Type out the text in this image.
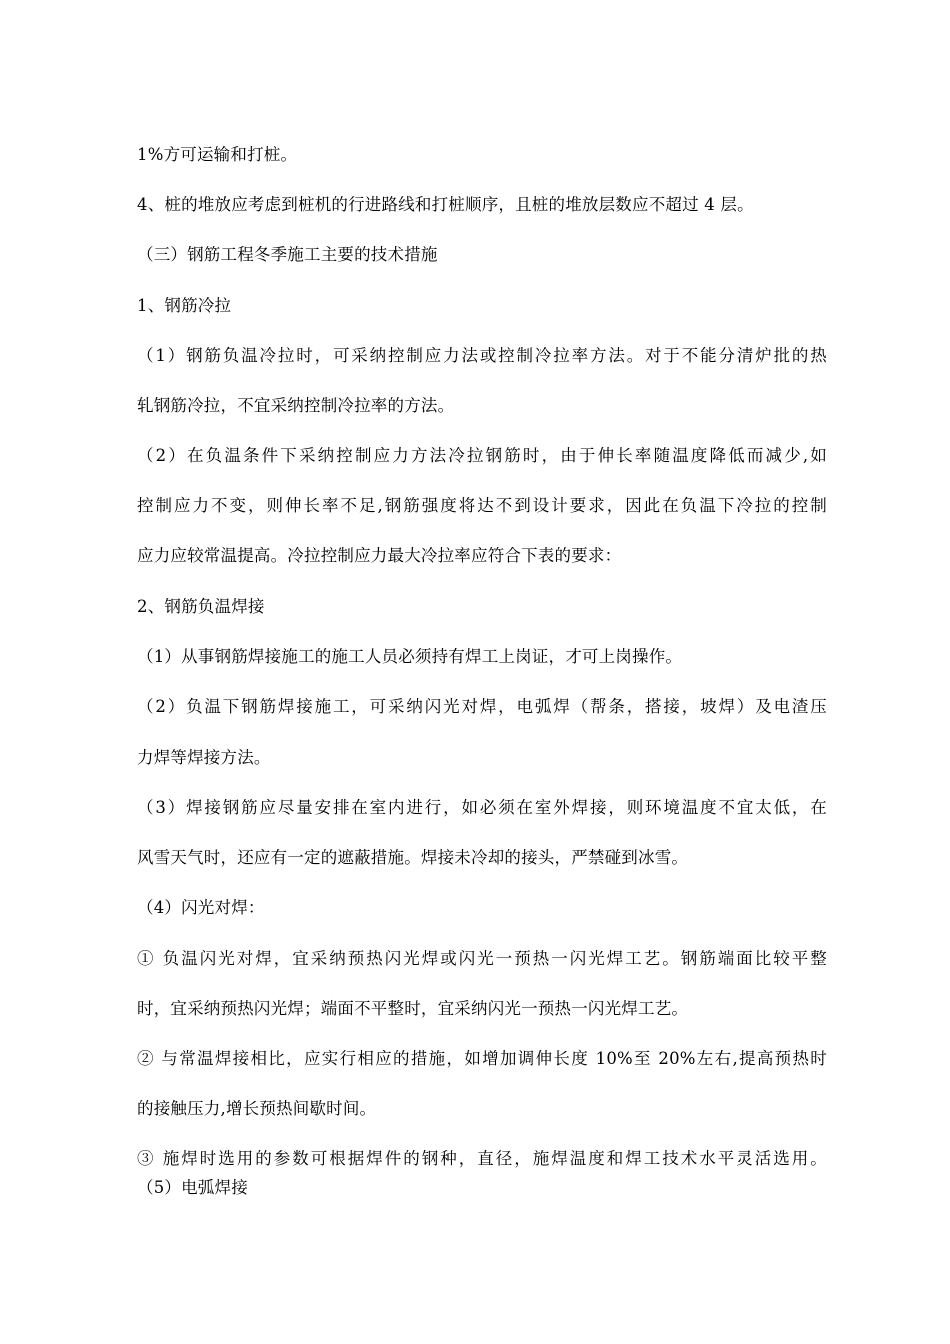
1%方可运输和打桩。
4、桩的堆放应考虑到桩机的行进路线和打桩顺序，且桩的堆放层数应不超过 4 层。
（三）钢筋工程冬季施工主要的技术措施
1、钢筋冷拉
（1）钢筋负温冷拉时，可采纳控制应力法或控制冷拉率方法。对于不能分清炉批的热
轧钢筋冷拉，不宜采纳控制冷拉率的方法。
（2）在负温条件下采纳控制应力方法冷拉钢筋时，由于伸长率随温度降低而减少,如
控制应力不变，则伸长率不足,钢筋强度将达不到设计要求，因此在负温下冷拉的控制
应力应较常温提高。冷拉控制应力最大冷拉率应符合下表的要求：
2、钢筋负温焊接
（1）从事钢筋焊接施工的施工人员必须持有焊工上岗证，才可上岗操作。
（2）负温下钢筋焊接施工，可采纳闪光对焊，电弧焊（帮条，搭接，坡焊）及电渣压
力焊等焊接方法。
（3）焊接钢筋应尽量安排在室内进行，如必须在室外焊接，则环境温度不宜太低，在
风雪天气时，还应有一定的遮蔽措施。焊接未冷却的接头，严禁碰到冰雪。
（4）闪光对焊：
① 负温闪光对焊，宜采纳预热闪光焊或闪光一预热一闪光焊工艺。钢筋端面比较平整
时，宜采纳预热闪光焊；端面不平整时，宜采纳闪光一预热一闪光焊工艺。
② 与常温焊接相比，应实行相应的措施，如增加调伸长度 10%至 20%左右,提高预热时
的接触压力,增长预热间歇时间。
③ 施焊时选用的参数可根据焊件的钢种，直径，施焊温度和焊工技术水平灵活选用。
（5）电弧焊接
